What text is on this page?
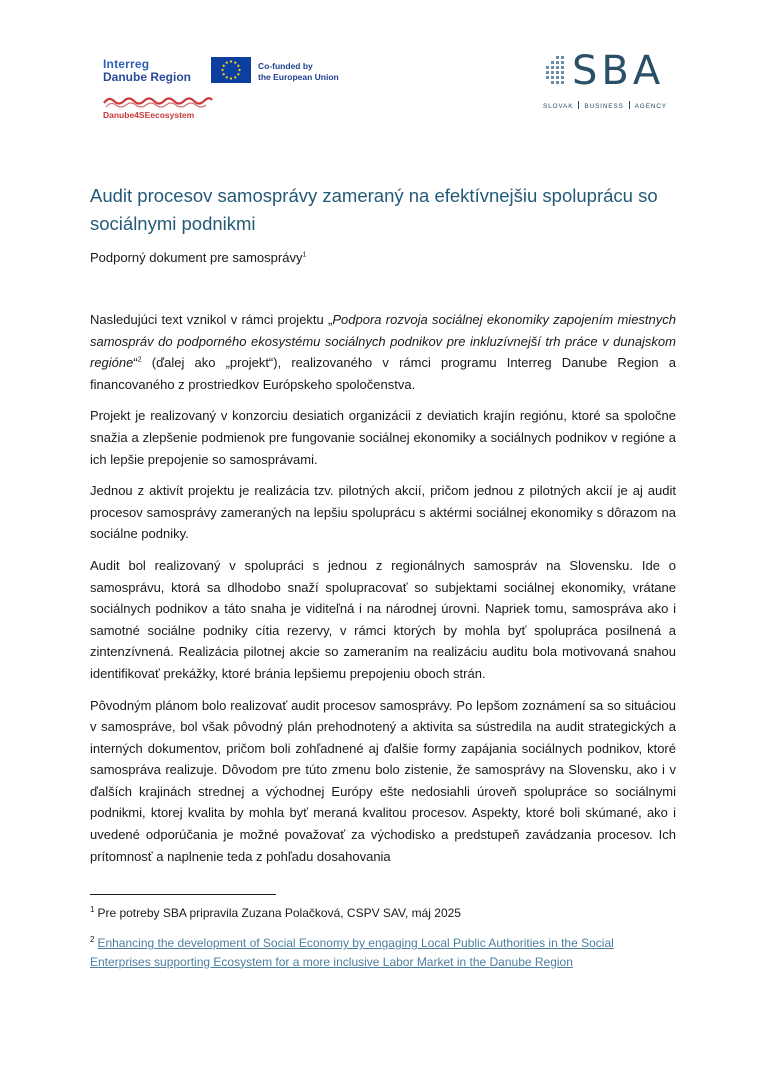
Interreg
Danube Region
Co-funded by
the European Union
Danube4SEecosystem
SBA
SLOVAK BUSINESS AGENCY
Audit procesov samosprávy zameraný na efektívnejšiu spoluprácu so sociálnymi podnikmi
Podporný dokument pre samosprávy$^1$

Nasledujúci text vznikol v rámci projektu „Podpora rozvoja sociálnej ekonomiky zapojením miestnych samospráv do podporného ekosystému sociálnych podnikov pre inkluzívnejší trh práce v dunajskom regióne“$^2$ (ďalej ako „projekt“), realizovaného v rámci programu Interreg Danube Region a financovaného z prostriedkov Európskeho spoločenstva.

Projekt je realizovaný v konzorciu desiatich organizácii z deviatich krajín regiónu, ktoré sa spoločne snažia a zlepšenie podmienok pre fungovanie sociálnej ekonomiky a sociálnych podnikov v regióne a ich lepšie prepojenie so samosprávami.

Jednou z aktivít projektu je realizácia tzv. pilotných akcií, pričom jednou z pilotných akcií je aj audit procesov samosprávy zameraných na lepšiu spoluprácu s aktérmi sociálnej ekonomiky s dôrazom na sociálne podniky.

Audit bol realizovaný v spolupráci s jednou z regionálnych samospráv na Slovensku. Ide o samosprávu, ktorá sa dlhodobo snaží spolupracovať so subjektami sociálnej ekonomiky, vrátane sociálnych podnikov a táto snaha je viditeľná i na národnej úrovni. Napriek tomu, samospráva ako i samotné sociálne podniky cítia rezervy, v rámci ktorých by mohla byť spolupráca posilnená a zintenzívnená. Realizácia pilotnej akcie so zameraním na realizáciu auditu bola motivovaná snahou identifikovať prekážky, ktoré bránia lepšiemu prepojeniu oboch strán.

Pôvodným plánom bolo realizovať audit procesov samosprávy. Po lepšom zoznámení sa so situáciou v samospráve, bol však pôvodný plán prehodnotený a aktivita sa sústredila na audit strategických a interných dokumentov, pričom boli zohľadnené aj ďalšie formy zapájania sociálnych podnikov, ktoré samospráva realizuje. Dôvodom pre túto zmenu bolo zistenie, že samosprávy na Slovensku, ako i v ďalších krajinách strednej a východnej Európy ešte nedosiahli úroveň spolupráce so sociálnymi podnikmi, ktorej kvalita by mohla byť meraná kvalitou procesov. Aspekty, ktoré boli skúmané, ako i uvedené odporúčania je možné považovať za východisko a predstupeň zavádzania procesov. Ich prítomnosť a naplnenie teda z pohľadu dosahovania

$^1$ Pre potreby SBA pripravila Zuzana Polačková, CSPV SAV, máj 2025
$^2$ Enhancing the development of Social Economy by engaging Local Public Authorities in the Social Enterprises supporting Ecosystem for a more inclusive Labor Market in the Danube Region
